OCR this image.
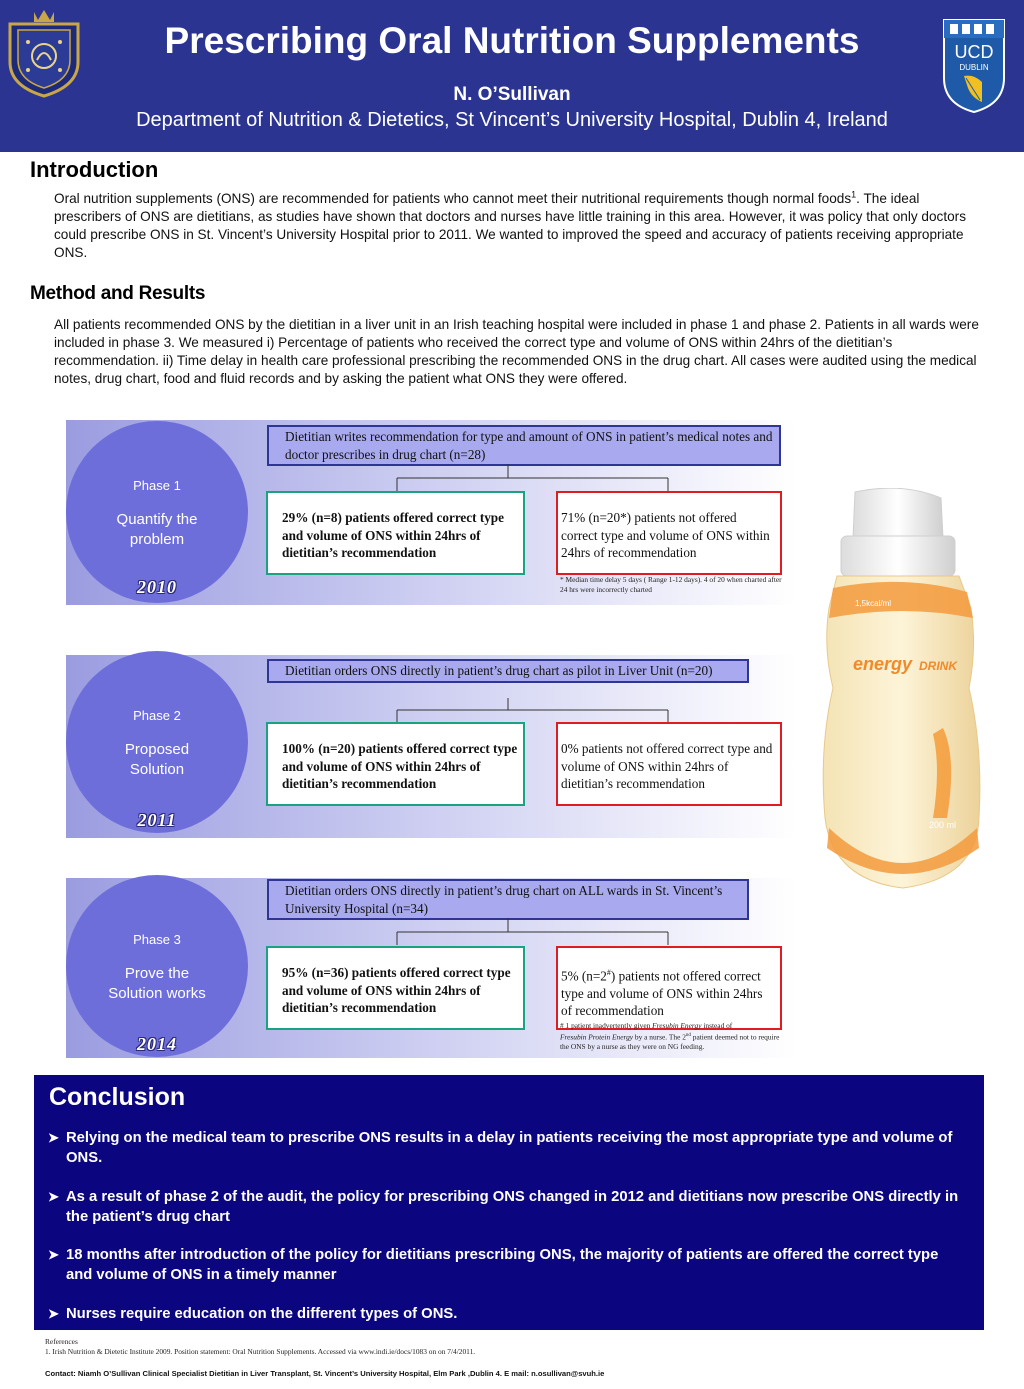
Prescribing Oral Nutrition Supplements
N. O’Sullivan
Department of Nutrition & Dietetics, St Vincent’s University Hospital, Dublin 4, Ireland
UCD
DUBLIN
Introduction
Oral nutrition supplements (ONS) are recommended for patients who cannot meet their nutritional requirements though normal foods$^1$. The ideal prescribers of ONS are dietitians, as studies have shown that doctors and nurses have little training in this area. However, it was policy that only doctors could prescribe ONS in St. Vincent’s University Hospital prior to 2011. We wanted to improved the speed and accuracy of patients receiving appropriate ONS.
Method and Results
All patients recommended ONS by the dietitian in a liver unit in an Irish teaching hospital were included in phase 1 and phase 2. Patients in all wards were included in phase 3. We measured i) Percentage of patients who received the correct type and volume of ONS within 24hrs of the dietitian’s recommendation. ii) Time delay in health care professional prescribing the recommended ONS in the drug chart. All cases were audited using the medical notes, drug chart, food and fluid records and by asking the patient what ONS they were offered.
Phase 1
Quantify the problem
2010
Dietitian writes recommendation for type and amount of ONS in patient’s medical notes and doctor prescribes in drug chart (n=28)
29% (n=8) patients offered correct type and volume of ONS within 24hrs of dietitian’s recommendation
71% (n=20*) patients not offered correct type and volume of ONS within 24hrs of recommendation
* Median time delay 5 days ( Range 1-12 days). 4 of 20 when charted after 24 hrs were incorrectly charted
Phase 2
Proposed Solution
2011
Dietitian orders ONS directly in patient’s drug chart as pilot in Liver Unit (n=20)
100% (n=20) patients offered correct type and volume of ONS within 24hrs of dietitian’s recommendation
0% patients not offered correct type and volume of ONS within 24hrs of dietitian’s recommendation
Phase 3
Prove the Solution works
2014
Dietitian orders ONS directly in patient’s drug chart on ALL wards in St. Vincent’s University Hospital (n=34)
95% (n=36) patients offered correct type and volume of ONS within 24hrs of dietitian’s recommendation
5% (n=2#) patients not offered correct type and volume of ONS within 24hrs of recommendation
# 1 patient inadvertently given Fresubin Energy instead of
Fresubin Protein Energy by a nurse. The 2nd patient deemed not to require the ONS by a nurse as they were on NG feeding.
1,5kcal/ml
energy DRINK
200 ml
Conclusion
➤ Relying on the medical team to prescribe ONS results in a delay in patients receiving the most appropriate type and volume of ONS.
➤ As a result of phase 2 of the audit, the policy for prescribing ONS changed in 2012 and dietitians now prescribe ONS directly in the patient’s drug chart
➤ 18 months after introduction of the policy for dietitians prescribing ONS, the majority of patients are offered the correct type and volume of ONS in a timely manner
➤ Nurses require education on the different types of ONS.
References
1. Irish Nutrition & Dietetic Institute 2009. Position statement: Oral Nutrition Supplements. Accessed via www.indi.ie/docs/1083 on on 7/4/2011.
Contact: Niamh O’Sullivan Clinical Specialist Dietitian in Liver Transplant, St. Vincent’s University Hospital, Elm Park ,Dublin 4. E mail: n.osullivan@svuh.ie
